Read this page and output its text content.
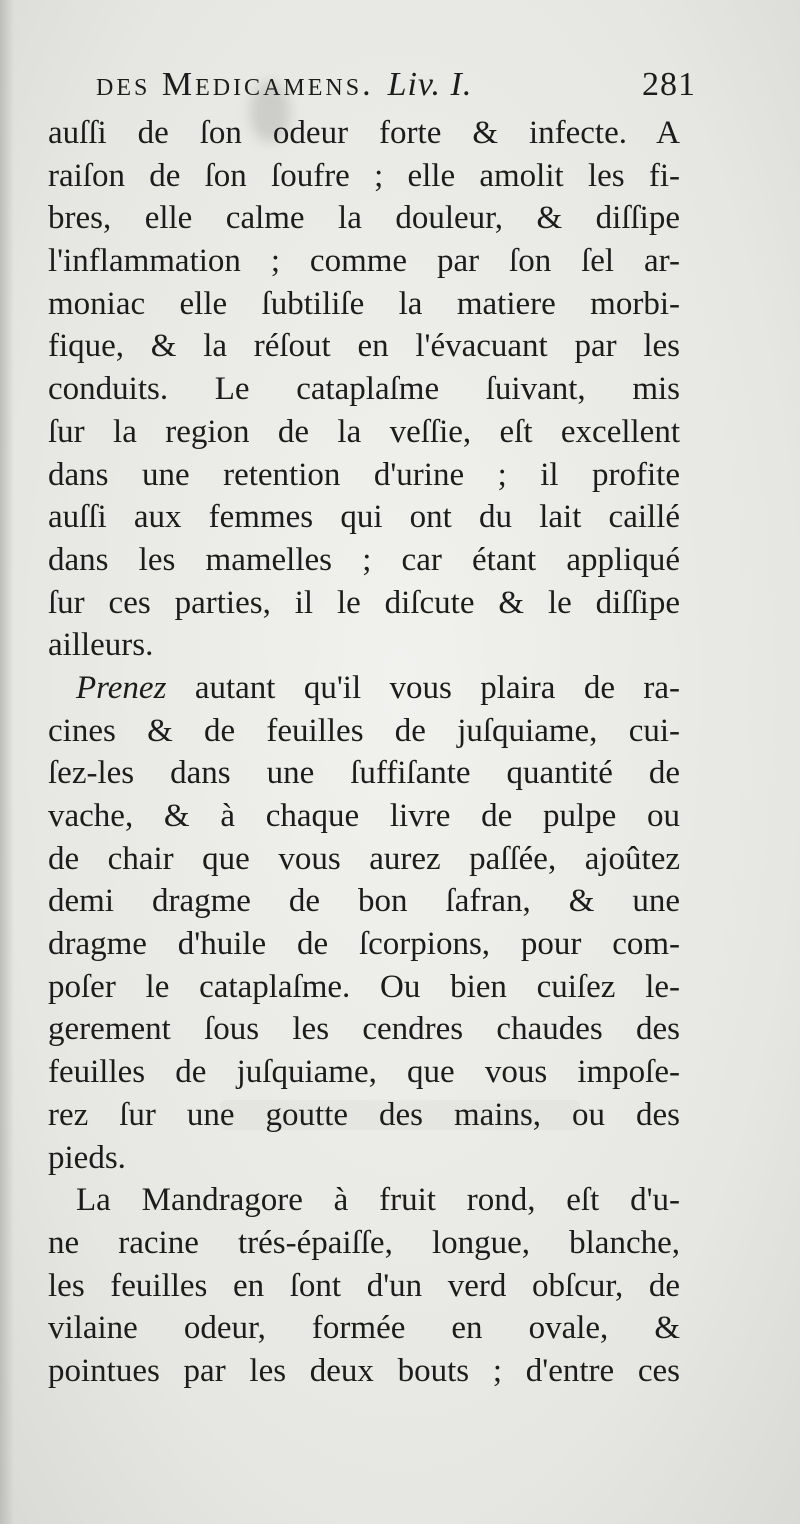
des Medicamens. Liv. I.	281
auſſi de ſon odeur forte & infecte. A
raiſon de ſon ſoufre ; elle amolit les fi-
bres, elle calme la douleur, & diſſipe
l'inflammation ; comme par ſon ſel ar-
moniac elle ſubtiliſe la matiere morbi-
fique, & la réſout en l'évacuant par les
conduits. Le cataplaſme ſuivant, mis
ſur la region de la veſſie, eſt excellent
dans une retention d'urine ; il profite
auſſi aux femmes qui ont du lait caillé
dans les mamelles ; car étant appliqué
ſur ces parties, il le diſcute & le diſſipe
ailleurs.
Prenez autant qu'il vous plaira de ra-
cines & de feuilles de juſquiame, cui-
ſez-les dans une ſuffiſante quantité de
vache, & à chaque livre de pulpe ou
de chair que vous aurez paſſée, ajoûtez
demi dragme de bon ſafran, & une
dragme d'huile de ſcorpions, pour com-
poſer le cataplaſme. Ou bien cuiſez le-
gerement ſous les cendres chaudes des
feuilles de juſquiame, que vous impoſe-
rez ſur une goutte des mains, ou des
pieds.
La Mandragore à fruit rond, eſt d'u-
ne racine trés-épaiſſe, longue, blanche,
les feuilles en ſont d'un verd obſcur, de
vilaine odeur, formée en ovale, &
pointues par les deux bouts ; d'entre ces
